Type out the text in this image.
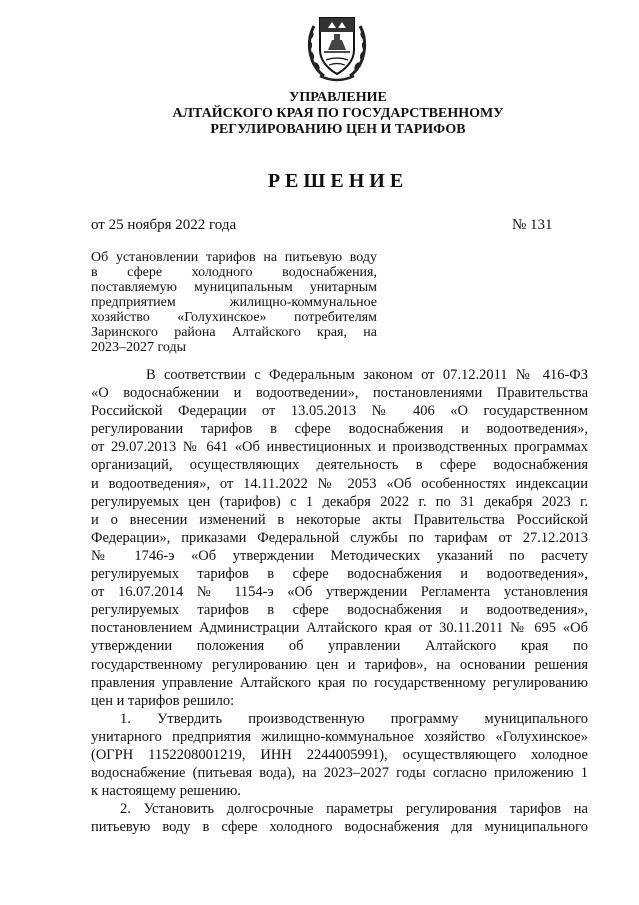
УПРАВЛЕНИЕ
АЛТАЙСКОГО КРАЯ ПО ГОСУДАРСТВЕННОМУ
РЕГУЛИРОВАНИЮ ЦЕН И ТАРИФОВ
РЕШЕНИЕ
от 25 ноября 2022 года	№ 131
Об установлении тарифов на питьевую воду
в сфере холодного водоснабжения,
поставляемую муниципальным унитарным
предприятием жилищно-коммунальное
хозяйство «Голухинское» потребителям
Заринского района Алтайского края, на
2023–2027 годы
В соответствии с Федеральным законом от 07.12.2011 № 416-ФЗ
«О водоснабжении и водоотведении», постановлениями Правительства
Российской Федерации от 13.05.2013 № 406 «О государственном
регулировании тарифов в сфере водоснабжения и водоотведения»,
от 29.07.2013 № 641 «Об инвестиционных и производственных программах
организаций, осуществляющих деятельность в сфере водоснабжения
и водоотведения», от 14.11.2022 № 2053 «Об особенностях индексации
регулируемых цен (тарифов) с 1 декабря 2022 г. по 31 декабря 2023 г.
и о внесении изменений в некоторые акты Правительства Российской
Федерации», приказами Федеральной службы по тарифам от 27.12.2013
№ 1746-э «Об утверждении Методических указаний по расчету
регулируемых тарифов в сфере водоснабжения и водоотведения»,
от 16.07.2014 № 1154-э «Об утверждении Регламента установления
регулируемых тарифов в сфере водоснабжения и водоотведения»,
постановлением Администрации Алтайского края от 30.11.2011 № 695 «Об
утверждении положения об управлении Алтайского края по
государственному регулированию цен и тарифов», на основании решения
правления управление Алтайского края по государственному регулированию
цен и тарифов решило:
1. Утвердить производственную программу муниципального
унитарного предприятия жилищно-коммунальное хозяйство «Голухинское»
(ОГРН 1152208001219, ИНН 2244005991), осуществляющего холодное
водоснабжение (питьевая вода), на 2023–2027 годы согласно приложению 1
к настоящему решению.
2. Установить долгосрочные параметры регулирования тарифов на
питьевую воду в сфере холодного водоснабжения для муниципального
